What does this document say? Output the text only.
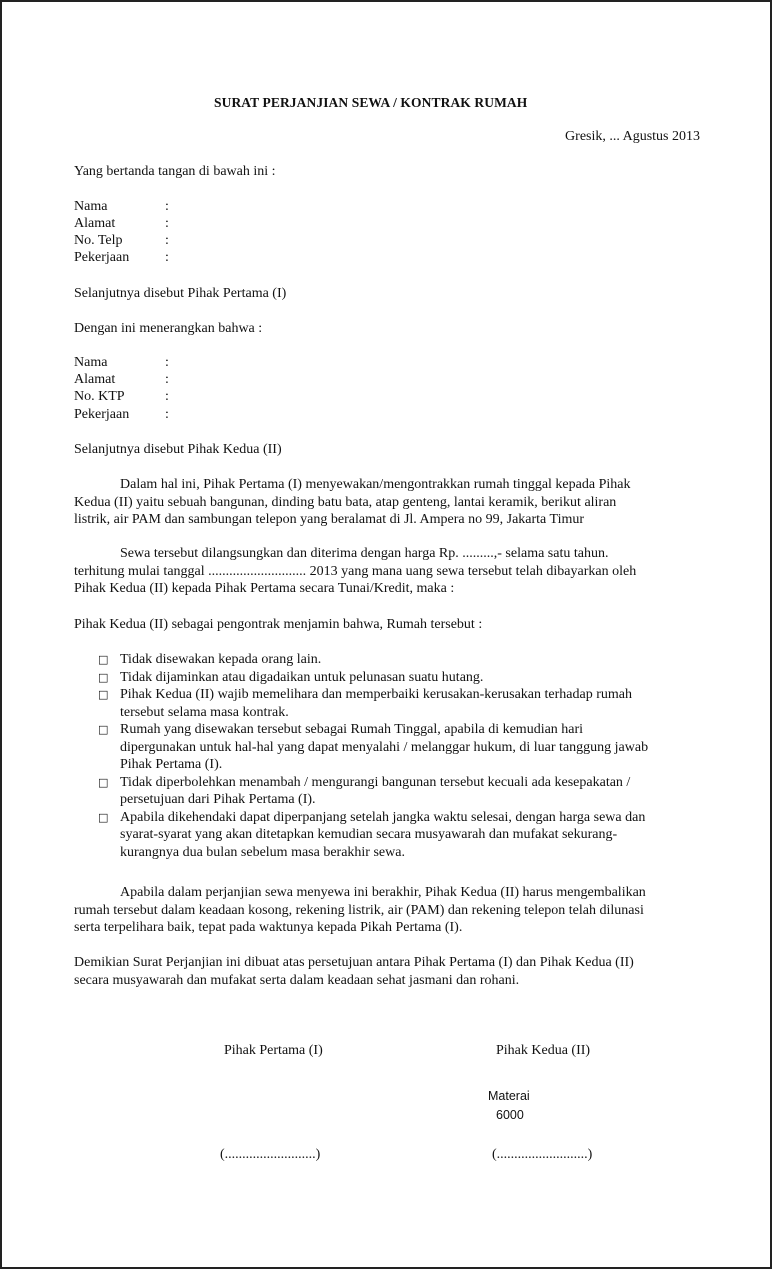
SURAT PERJANJIAN SEWA / KONTRAK RUMAH
Gresik, ... Agustus 2013
Yang bertanda tangan di bawah ini :
Nama	:
Alamat	:
No. Telp	:
Pekerjaan	:
Selanjutnya disebut Pihak Pertama (I)
Dengan ini menerangkan bahwa :
Nama	:
Alamat	:
No. KTP	:
Pekerjaan	:
Selanjutnya disebut Pihak Kedua (II)
Dalam hal ini, Pihak Pertama (I) menyewakan/mengontrakkan rumah tinggal kepada Pihak
Kedua (II) yaitu sebuah bangunan, dinding batu bata, atap genteng, lantai keramik, berikut aliran
listrik, air PAM dan sambungan telepon yang beralamat di Jl. Ampera no 99, Jakarta Timur
Sewa tersebut dilangsungkan dan diterima dengan harga Rp. .........,- selama satu tahun.
terhitung mulai tanggal ............................ 2013 yang mana uang sewa tersebut telah dibayarkan oleh
Pihak Kedua (II) kepada Pihak Pertama secara Tunai/Kredit, maka :
Pihak Kedua (II) sebagai pengontrak menjamin bahwa, Rumah tersebut :
□ Tidak disewakan kepada orang lain.
□ Tidak dijaminkan atau digadaikan untuk pelunasan suatu hutang.
□ Pihak Kedua (II) wajib memelihara dan memperbaiki kerusakan-kerusakan terhadap rumah
tersebut selama masa kontrak.
□ Rumah yang disewakan tersebut sebagai Rumah Tinggal, apabila di kemudian hari
dipergunakan untuk hal-hal yang dapat menyalahi / melanggar hukum, di luar tanggung jawab
Pihak Pertama (I).
□ Tidak diperbolehkan menambah / mengurangi bangunan tersebut kecuali ada kesepakatan /
persetujuan dari Pihak Pertama (I).
□ Apabila dikehendaki dapat diperpanjang setelah jangka waktu selesai, dengan harga sewa dan
syarat-syarat yang akan ditetapkan kemudian secara musyawarah dan mufakat sekurang-
kurangnya dua bulan sebelum masa berakhir sewa.
Apabila dalam perjanjian sewa menyewa ini berakhir, Pihak Kedua (II) harus mengembalikan
rumah tersebut dalam keadaan kosong, rekening listrik, air (PAM) dan rekening telepon telah dilunasi
serta terpelihara baik, tepat pada waktunya kepada Pikah Pertama (I).
Demikian Surat Perjanjian ini dibuat atas persetujuan antara Pihak Pertama (I) dan Pihak Kedua (II)
secara musyawarah dan mufakat serta dalam keadaan sehat jasmani dan rohani.
Pihak Pertama (I)	Pihak Kedua (II)
Materai
6000
(..........................)	(..........................)
